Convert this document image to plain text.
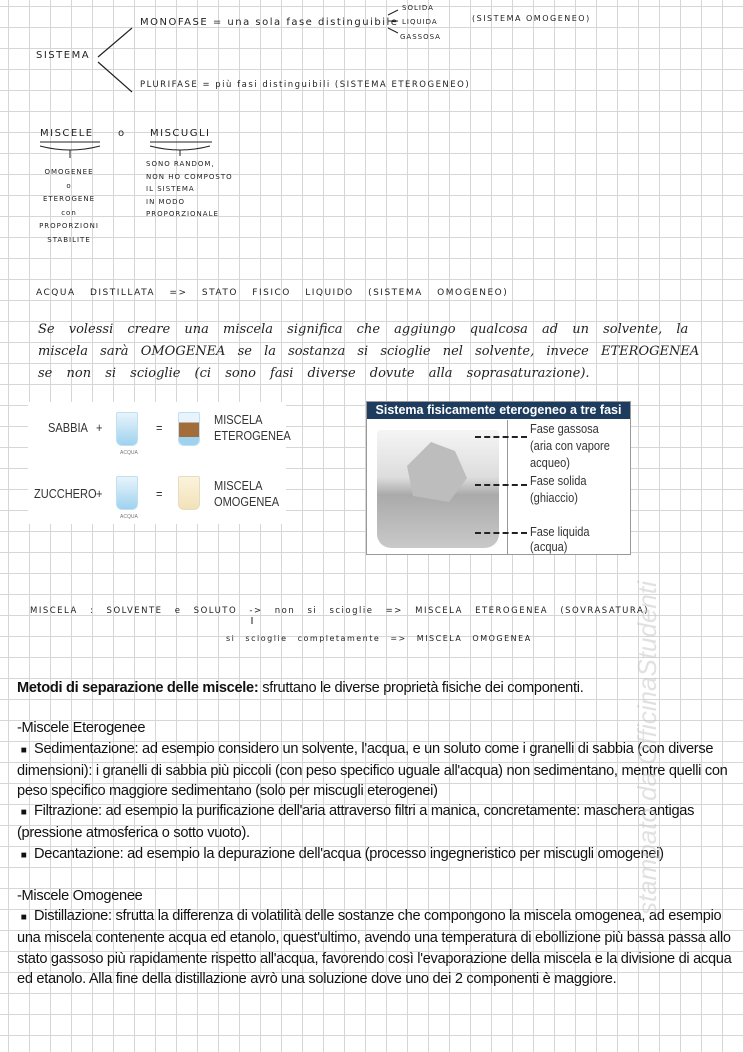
SISTEMA
MONOFASE = una sola fase distinguibile
SOLIDA
LIQUIDA
GASSOSA
(SISTEMA OMOGENEO)
PLURIFASE = più fasi distinguibili (SISTEMA ETEROGENEO)
MISCELE o MISCUGLI
OMOGENEE
o
ETEROGENE
con
PROPORZIONI
STABILITE
SONO RANDOM,
NON HO COMPOSTO
IL SISTEMA
IN MODO
PROPORZIONALE
ACQUA DISTILLATA => STATO FISICO LIQUIDO (SISTEMA OMOGENEO)
Se volessi creare una miscela significa che aggiungo qualcosa ad un solvente, la
miscela sarà OMOGENEA se la sostanza si scioglie nel solvente, invece ETEROGENEA
se non si scioglie (ci sono fasi diverse dovute alla soprasaturazione).
SABBIA +
ACQUA
=
MISCELA
ETEROGENEA
ZUCCHERO +
ACQUA
=
MISCELA
OMOGENEA
Sistema fisicamente eterogeneo a tre fasi
Fase gassosa (aria con vapore acqueo)
Fase solida (ghiaccio)
Fase liquida (acqua)
MISCELA : SOLVENTE e SOLUTO -> non si scioglie => MISCELA ETEROGENEA (SOVRASATURA)
si scioglie completamente => MISCELA OMOGENEA

Metodi di separazione delle miscele: sfruttano le diverse proprietà fisiche dei componenti.

-Miscele Eterogenee

■ Sedimentazione: ad esempio considero un solvente, l'acqua, e un soluto come i granelli di sabbia (con diverse dimensioni): i granelli di sabbia più piccoli (con peso specifico uguale all'acqua) non sedimentano, mentre quelli con peso specifico maggiore sedimentano (solo per miscugli eterogenei)

■ Filtrazione: ad esempio la purificazione dell'aria attraverso filtri a manica, concretamente: maschera antigas (pressione atmosferica o sotto vuoto).

■ Decantazione: ad esempio la depurazione dell'acqua (processo ingegneristico per miscugli omogenei)

-Miscele Omogenee

■ Distillazione: sfrutta la differenza di volatilità delle sostanze che compongono la miscela omogenea, ad esempio una miscela contenente acqua ed etanolo, quest'ultimo, avendo una temperatura di ebollizione più bassa passa allo stato gassoso più rapidamente rispetto all'acqua, favorendo così l'evaporazione della miscela e la divisione di acqua ed etanolo. Alla fine della distillazione avrò una soluzione dove uno dei 2 componenti è maggiore.

stampato da OfficinaStudenti
